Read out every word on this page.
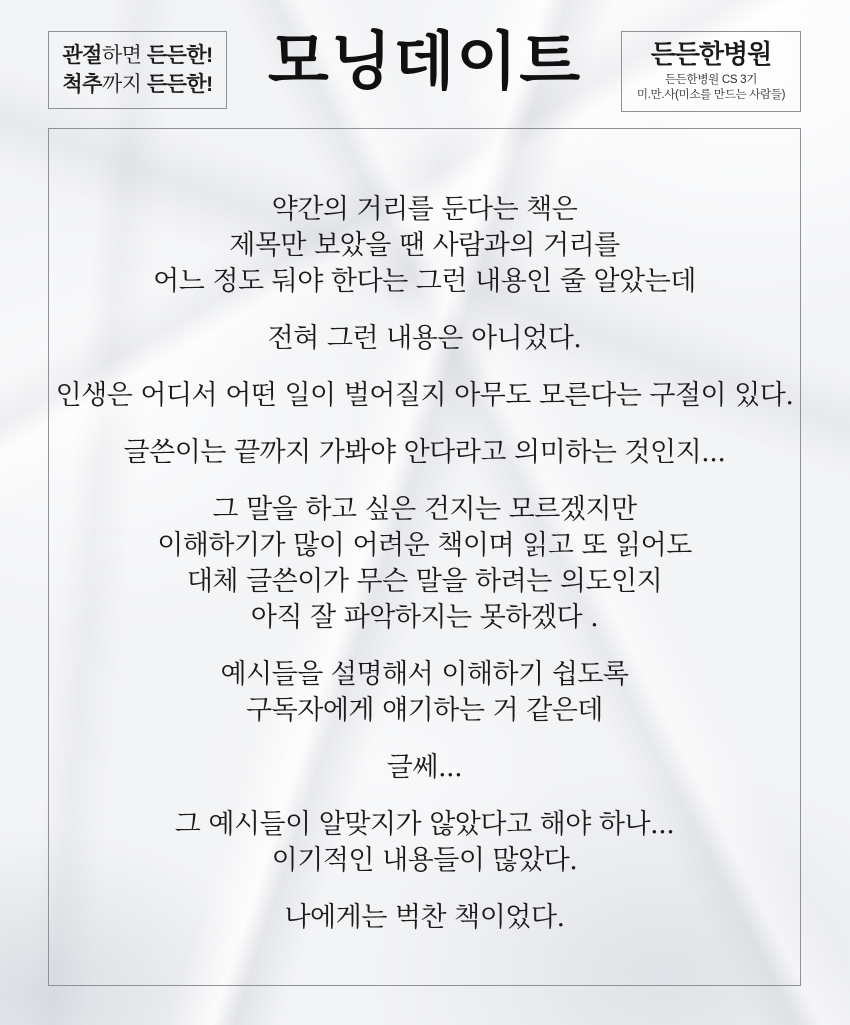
관절하면 든든한!
척추까지 든든한! 모닝데이트	든든한병원
든든한병원 CS 3기
미.만.사(미소를 만드는 사람들)

약간의 거리를 둔다는 책은
제목만 보았을 땐 사람과의 거리를
어느 정도 둬야 한다는 그런 내용인 줄 알았는데

전혀 그런 내용은 아니었다.

인생은 어디서 어떤 일이 벌어질지 아무도 모른다는 구절이 있다.

글쓴이는 끝까지 가봐야 안다라고 의미하는 것인지...

그 말을 하고 싶은 건지는 모르겠지만
이해하기가 많이 어려운 책이며 읽고 또 읽어도
대체 글쓴이가 무슨 말을 하려는 의도인지
아직 잘 파악하지는 못하겠다 .

예시들을 설명해서 이해하기 쉽도록
구독자에게 얘기하는 거 같은데

글쎄...

그 예시들이 알맞지가 않았다고 해야 하나...
이기적인 내용들이 많았다.

나에게는 벅찬 책이었다.
